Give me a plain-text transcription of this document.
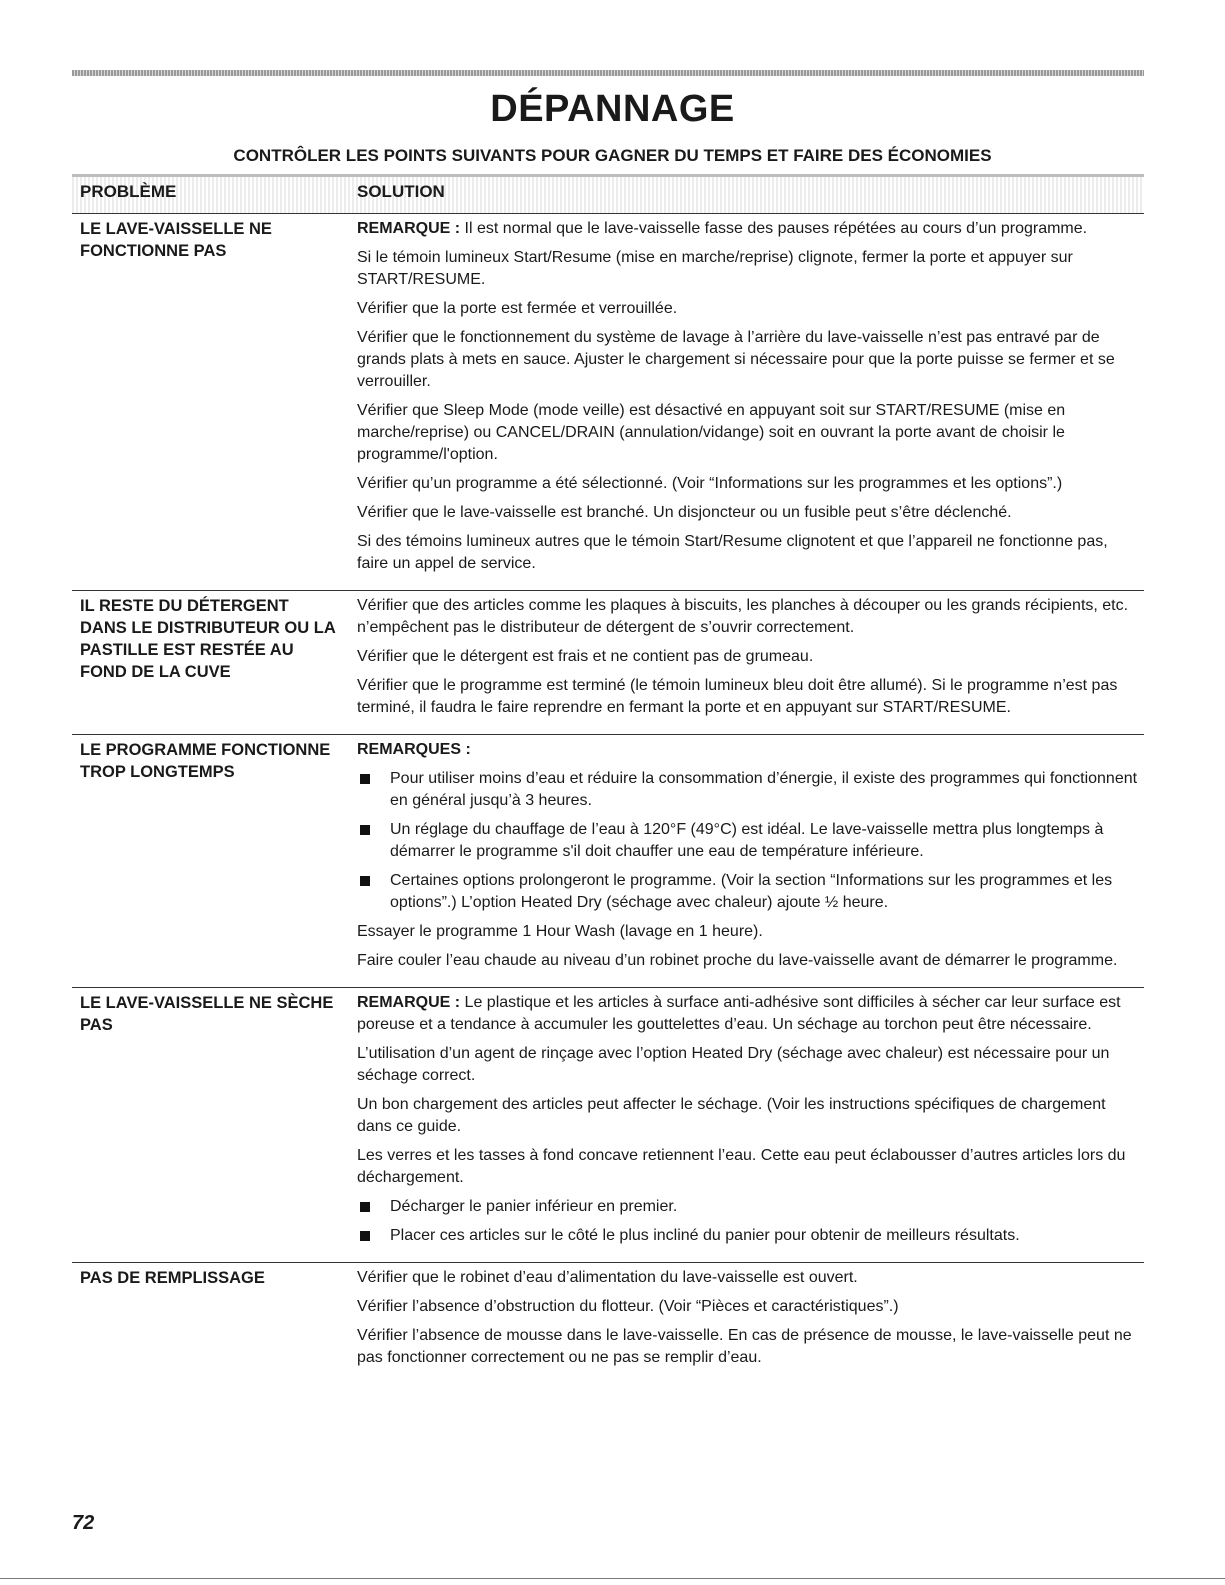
DÉPANNAGE
CONTRÔLER LES POINTS SUIVANTS POUR GAGNER DU TEMPS ET FAIRE DES ÉCONOMIES
PROBLÈME	SOLUTION
LE LAVE-VAISSELLE NE FONCTIONNE PAS

REMARQUE : Il est normal que le lave-vaisselle fasse des pauses répétées au cours d’un programme.

Si le témoin lumineux Start/Resume (mise en marche/reprise) clignote, fermer la porte et appuyer sur START/RESUME.

Vérifier que la porte est fermée et verrouillée.

Vérifier que le fonctionnement du système de lavage à l’arrière du lave-vaisselle n’est pas entravé par de grands plats à mets en sauce. Ajuster le chargement si nécessaire pour que la porte puisse se fermer et se verrouiller.

Vérifier que Sleep Mode (mode veille) est désactivé en appuyant soit sur START/RESUME (mise en marche/reprise) ou CANCEL/DRAIN (annulation/vidange) soit en ouvrant la porte avant de choisir le programme/l'option.

Vérifier qu’un programme a été sélectionné. (Voir “Informations sur les programmes et les options”.)

Vérifier que le lave-vaisselle est branché. Un disjoncteur ou un fusible peut s’être déclenché.

Si des témoins lumineux autres que le témoin Start/Resume clignotent et que l’appareil ne fonctionne pas, faire un appel de service.

IL RESTE DU DÉTERGENT DANS LE DISTRIBUTEUR OU LA PASTILLE EST RESTÉE AU FOND DE LA CUVE

Vérifier que des articles comme les plaques à biscuits, les planches à découper ou les grands récipients, etc. n’empêchent pas le distributeur de détergent de s’ouvrir correctement.

Vérifier que le détergent est frais et ne contient pas de grumeau.

Vérifier que le programme est terminé (le témoin lumineux bleu doit être allumé). Si le programme n’est pas terminé, il faudra le faire reprendre en fermant la porte et en appuyant sur START/RESUME.

LE PROGRAMME FONCTIONNE TROP LONGTEMPS

REMARQUES :

Pour utiliser moins d’eau et réduire la consommation d’énergie, il existe des programmes qui fonctionnent en général jusqu’à 3 heures.
Un réglage du chauffage de l’eau à 120°F (49°C) est idéal. Le lave-vaisselle mettra plus longtemps à démarrer le programme s'il doit chauffer une eau de température inférieure.
Certaines options prolongeront le programme. (Voir la section “Informations sur les programmes et les options”.) L’option Heated Dry (séchage avec chaleur) ajoute ½ heure.

Essayer le programme 1 Hour Wash (lavage en 1 heure).

Faire couler l’eau chaude au niveau d’un robinet proche du lave-vaisselle avant de démarrer le programme.

LE LAVE-VAISSELLE NE SÈCHE PAS

REMARQUE : Le plastique et les articles à surface anti-adhésive sont difficiles à sécher car leur surface est poreuse et a tendance à accumuler les gouttelettes d’eau. Un séchage au torchon peut être nécessaire.

L’utilisation d’un agent de rinçage avec l’option Heated Dry (séchage avec chaleur) est nécessaire pour un séchage correct.

Un bon chargement des articles peut affecter le séchage. (Voir les instructions spécifiques de chargement dans ce guide.

Les verres et les tasses à fond concave retiennent l’eau. Cette eau peut éclabousser d’autres articles lors du déchargement.

Décharger le panier inférieur en premier.
Placer ces articles sur le côté le plus incliné du panier pour obtenir de meilleurs résultats.
PAS DE REMPLISSAGE	Vérifier que le robinet d’eau d’alimentation du lave-vaisselle est ouvert.

Vérifier l’absence d’obstruction du flotteur. (Voir “Pièces et caractéristiques”.)

Vérifier l’absence de mousse dans le lave-vaisselle. En cas de présence de mousse, le lave-vaisselle peut ne pas fonctionner correctement ou ne pas se remplir d’eau.

72
